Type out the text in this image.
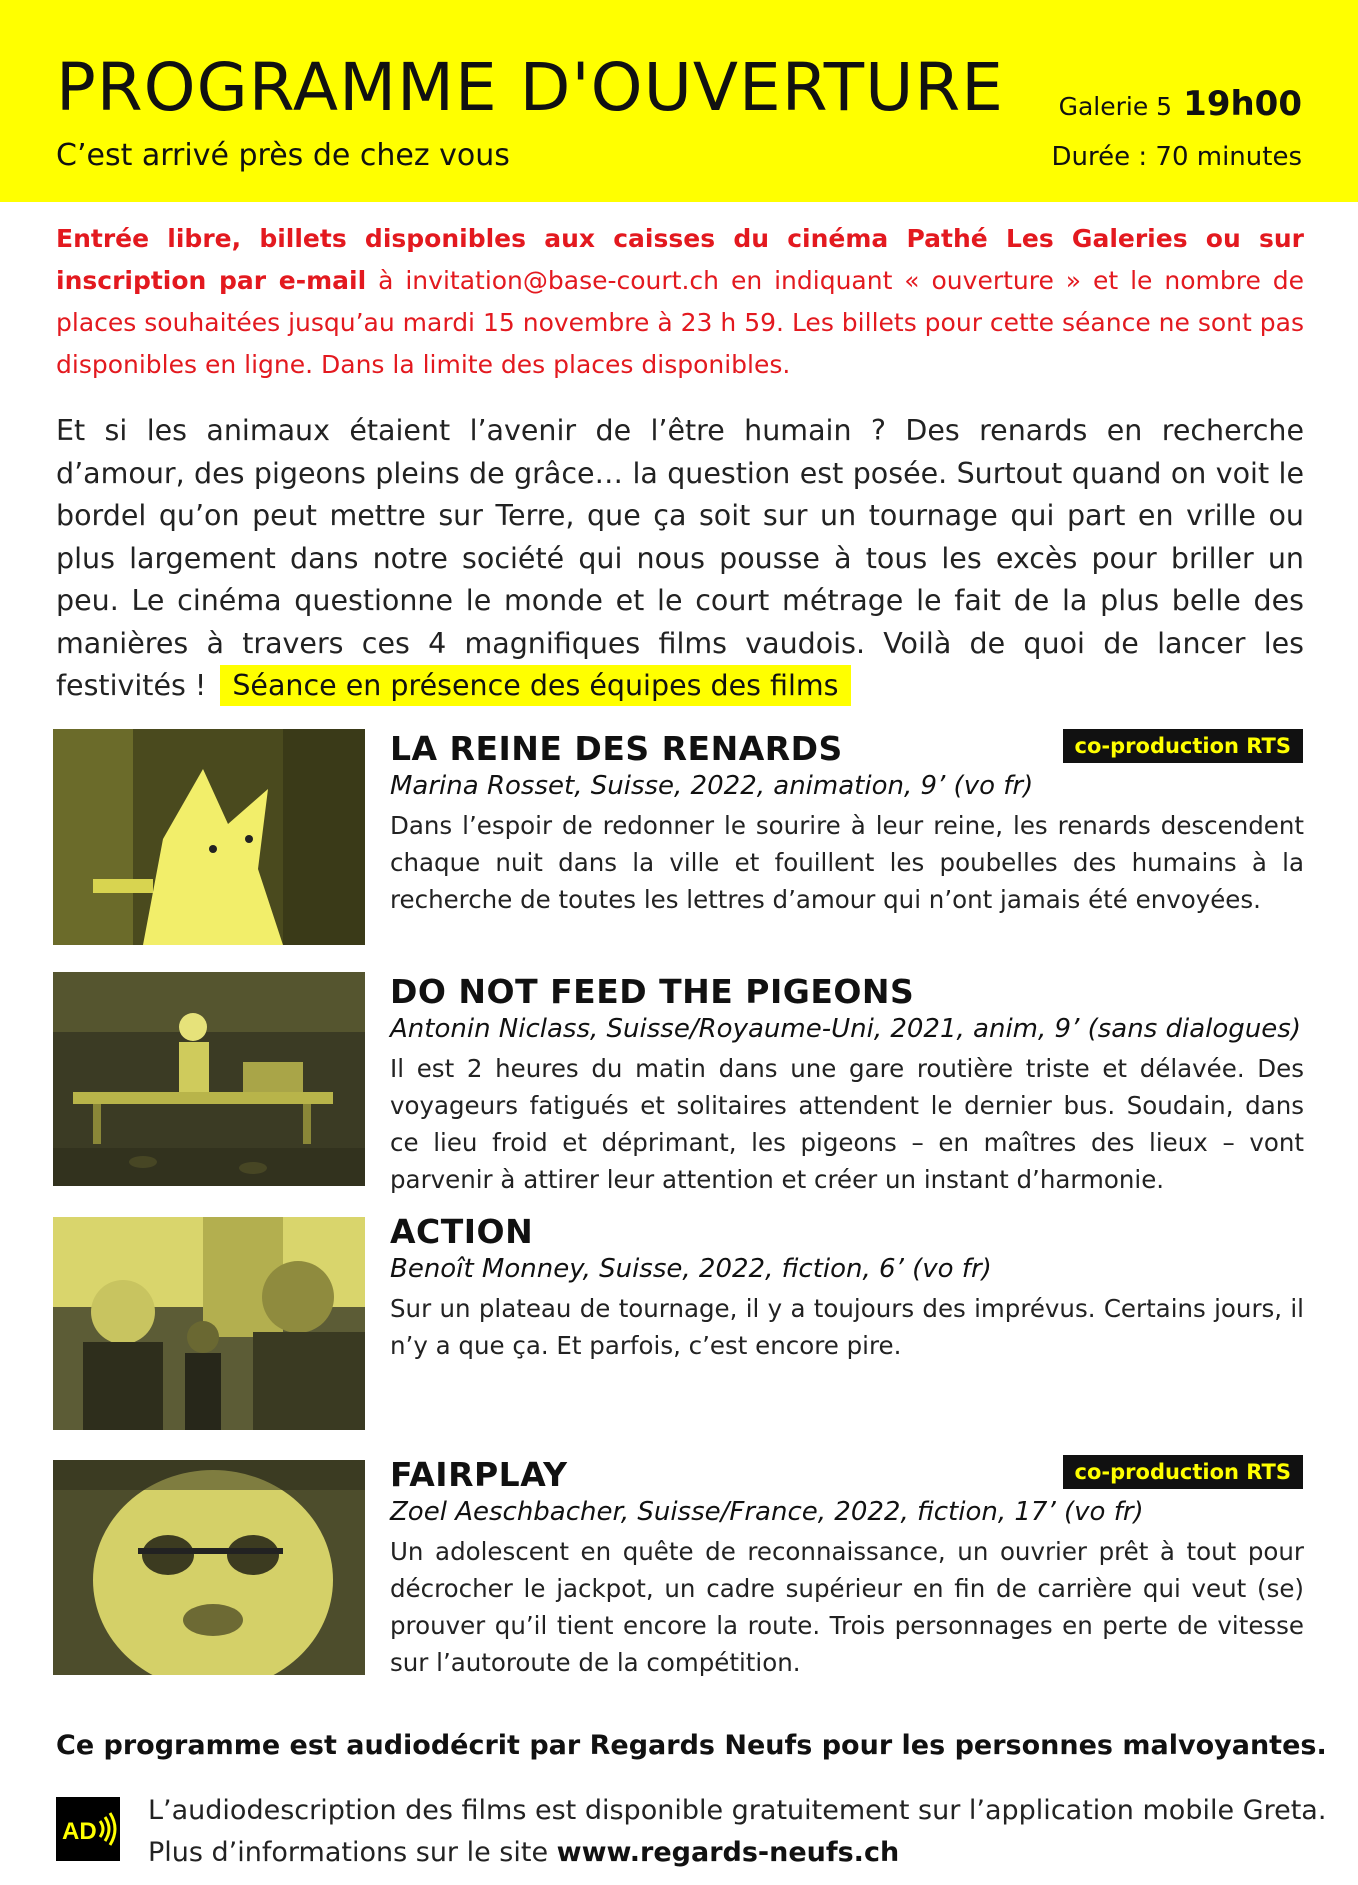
PROGRAMME D'OUVERTURE
C’est arrivé près de chez vous
Galerie 5 19h00
Durée : 70 minutes
Entrée libre, billets disponibles aux caisses du cinéma Pathé Les Galeries ou sur inscription par e-mail à invitation@base-court.ch en indiquant « ouverture » et le nombre de places souhaitées jusqu’au mardi 15 novembre à 23 h 59. Les billets pour cette séance ne sont pas disponibles en ligne. Dans la limite des places disponibles.
Et si les animaux étaient l’avenir de l’être humain ? Des renards en recherche d’amour, des pigeons pleins de grâce… la question est posée. Surtout quand on voit le bordel qu’on peut mettre sur Terre, que ça soit sur un tournage qui part en vrille ou plus largement dans notre société qui nous pousse à tous les excès pour briller un peu. Le cinéma questionne le monde et le court métrage le fait de la plus belle des manières à travers ces 4 magnifiques films vaudois. Voilà de quoi de lancer les festivités ! Séance en présence des équipes des films
LA REINE DES RENARDS	co-production RTS
Marina Rosset, Suisse, 2022, animation, 9’ (vo fr)
Dans l’espoir de redonner le sourire à leur reine, les renards descendent chaque nuit dans la ville et fouillent les poubelles des humains à la recherche de toutes les lettres d’amour qui n’ont jamais été envoyées.
DO NOT FEED THE PIGEONS
Antonin Niclass, Suisse/Royaume-Uni, 2021, anim, 9’ (sans dialogues)
Il est 2 heures du matin dans une gare routière triste et délavée. Des voyageurs fatigués et solitaires attendent le dernier bus. Soudain, dans ce lieu froid et déprimant, les pigeons – en maîtres des lieux – vont parvenir à attirer leur attention et créer un instant d’harmonie.
ACTION
Benoît Monney, Suisse, 2022, fiction, 6’ (vo fr)
Sur un plateau de tournage, il y a toujours des imprévus. Certains jours, il n’y a que ça. Et parfois, c’est encore pire.
FAIRPLAY	co-production RTS
Zoel Aeschbacher, Suisse/France, 2022, fiction, 17’ (vo fr)
Un adolescent en quête de reconnaissance, un ouvrier prêt à tout pour décrocher le jackpot, un cadre supérieur en fin de carrière qui veut (se) prouver qu’il tient encore la route. Trois personnages en perte de vitesse sur l’autoroute de la compétition.
Ce programme est audiodécrit par Regards Neufs pour les personnes malvoyantes.
AD
L’audiodescription des films est disponible gratuitement sur l’application mobile Greta.
Plus d’informations sur le site www.regards-neufs.ch
